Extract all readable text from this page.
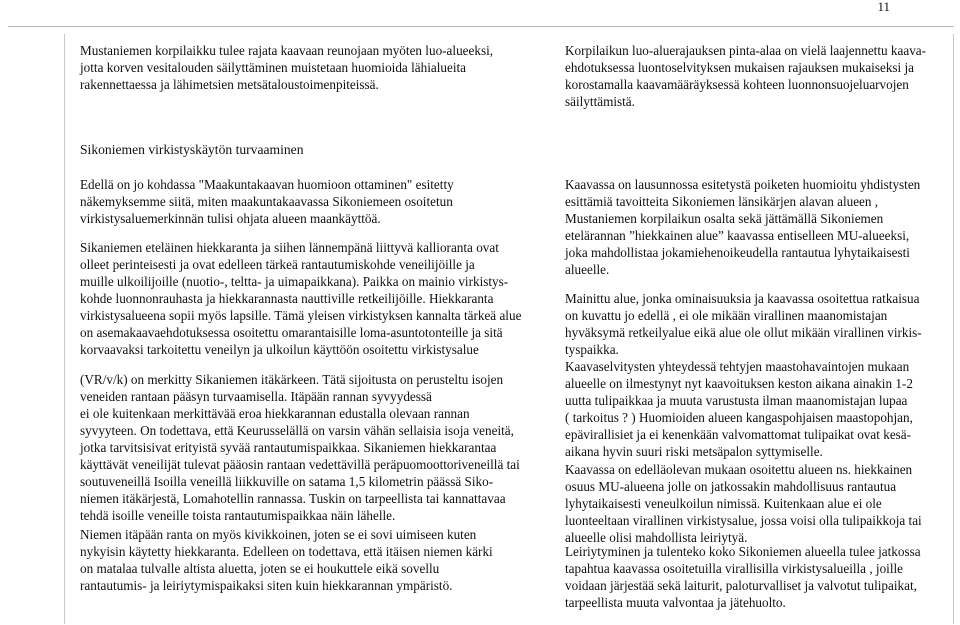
11

Mustaniemen korpilaikku tulee rajata kaavaan reunojaan myöten luo-alueeksi,

jotta korven vesitalouden säilyttäminen muistetaan huomioida lähialueita

rakennettaessa ja lähimetsien metsätaloustoimenpiteissä.

Korpilaikun luo-aluerajauksen pinta-alaa on vielä laajennettu kaava-

ehdotuksessa luontoselvityksen mukaisen rajauksen mukaiseksi ja

korostamalla kaavamääräyksessä kohteen luonnonsuojeluarvojen

säilyttämistä.

Sikoniemen virkistyskäytön turvaaminen

Edellä on jo kohdassa "Maakuntakaavan huomioon ottaminen" esitetty

näkemyksemme siitä, miten maakuntakaavassa Sikoniemeen osoitetun

virkistysaluemerkinnän tulisi ohjata alueen maankäyttöä.

Sikaniemen eteläinen hiekkaranta ja siihen lännempänä liittyvä kallioranta ovat

olleet perinteisesti ja ovat edelleen tärkeä rantautumiskohde veneilijöille ja

muille ulkoilijoille (nuotio-, teltta- ja uimapaikkana). Paikka on mainio virkistys-

kohde luonnonrauhasta ja hiekkarannasta nauttiville retkeilijöille. Hiekkaranta

virkistysalueena sopii myös lapsille. Tämä yleisen virkistyksen kannalta tärkeä alue

on asemakaavaehdotuksessa osoitettu omarantaisille loma-asuntotonteille ja sitä

korvaavaksi tarkoitettu veneilyn ja ulkoilun käyttöön osoitettu virkistysalue

(VR/v/k) on merkitty Sikaniemen itäkärkeen. Tätä sijoitusta on perusteltu isojen

veneiden rantaan pääsyn turvaamisella. Itäpään rannan syvyydessä

ei ole kuitenkaan merkittävää eroa hiekkarannan edustalla olevaan rannan

syvyyteen. On todettava, että Keurusselällä on varsin vähän sellaisia isoja veneitä,

jotka tarvitsisivat erityistä syvää rantautumispaikkaa. Sikaniemen hiekkarantaa

käyttävät veneilijät tulevat pääosin rantaan vedettävillä peräpuomoottoriveneillä tai

soutuveneillä Isoilla veneillä liikkuville on satama 1,5 kilometrin päässä Siko-

niemen itäkärjestä, Lomahotellin rannassa. Tuskin on tarpeellista tai kannattavaa

tehdä isoille veneille toista rantautumispaikkaa näin lähelle.

Niemen itäpään ranta on myös kivikkoinen, joten se ei sovi uimiseen kuten

nykyisin käytetty hiekkaranta. Edelleen on todettava, että itäisen niemen kärki

on matalaa tulvalle altista aluetta, joten se ei houkuttele eikä sovellu

rantautumis- ja leiriytymispaikaksi siten kuin hiekkarannan ympäristö.

Kaavassa on lausunnossa esitetystä poiketen huomioitu yhdistysten

esittämiä tavoitteita Sikoniemen länsikärjen alavan alueen ,

Mustaniemen korpilaikun osalta sekä jättämällä Sikoniemen

etelärannan ”hiekkainen alue” kaavassa entiselleen MU-alueeksi,

joka mahdollistaa jokamiehenoikeudella rantautua lyhytaikaisesti

alueelle.

Mainittu alue, jonka ominaisuuksia ja kaavassa osoitettua ratkaisua

on kuvattu jo edellä , ei ole mikään virallinen maanomistajan

hyväksymä retkeilyalue eikä alue ole ollut mikään virallinen virkis-

tyspaikka.

Kaavaselvitysten yhteydessä tehtyjen maastohavaintojen mukaan

alueelle on ilmestynyt nyt kaavoituksen keston aikana ainakin 1-2

uutta tulipaikkaa ja muuta varustusta ilman maanomistajan lupaa

( tarkoitus ? ) Huomioiden alueen kangaspohjaisen maastopohjan,

epävirallisiet ja ei kenenkään valvomattomat tulipaikat ovat kesä-

aikana hyvin suuri riski metsäpalon syttymiselle.

Kaavassa on edelläolevan mukaan osoitettu alueen ns. hiekkainen

osuus MU-alueena jolle on jatkossakin mahdollisuus rantautua

lyhytaikaisesti veneulkoilun nimissä. Kuitenkaan alue ei ole

luonteeltaan virallinen virkistysalue, jossa voisi olla tulipaikkoja tai

alueelle olisi mahdollista leiriytyä.

Leiriytyminen ja tulenteko koko Sikoniemen alueella tulee jatkossa

tapahtua kaavassa osoitetuilla virallisilla virkistysalueilla , joille

voidaan järjestää sekä laiturit, paloturvalliset ja valvotut tulipaikat,

tarpeellista muuta valvontaa ja jätehuolto.
